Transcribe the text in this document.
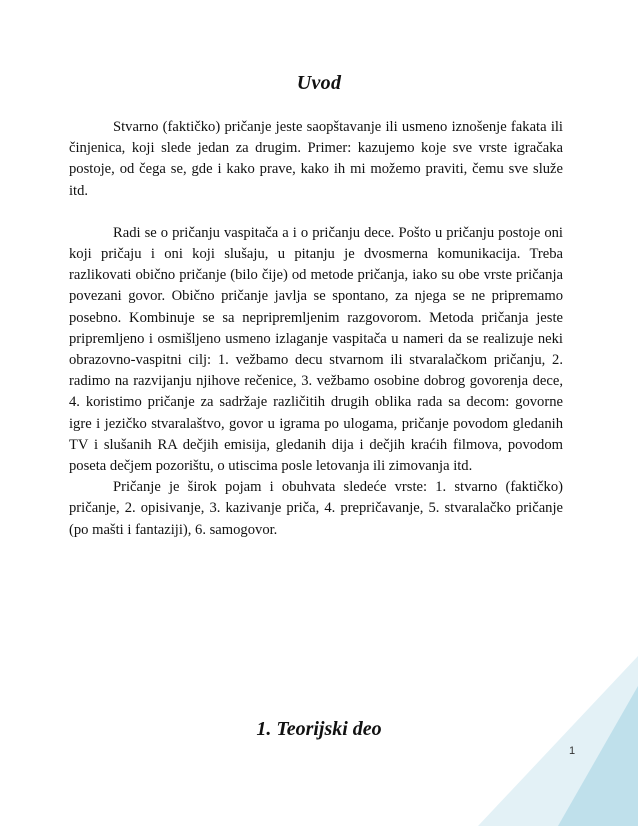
Uvod

Stvarno (faktičko) pričanje jeste saopštavanje ili usmeno iznošenje fakata ili činjenica, koji slede jedan za drugim. Primer: kazujemo koje sve vrste igračaka postoje, od čega se, gde i kako prave, kako ih mi možemo praviti, čemu sve služe itd.

Radi se o pričanju vaspitača a i o pričanju dece. Pošto u pričanju postoje oni koji pričaju i oni koji slušaju, u pitanju je dvosmerna komunikacija. Treba razlikovati obično pričanje (bilo čije) od metode pričanja, iako su obe vrste pričanja povezani govor. Obično pričanje javlja se spontano, za njega se ne pripremamo posebno. Kombinuje se sa nepripremljenim razgovorom. Metoda pričanja jeste pripremljeno i osmišljeno usmeno izlaganje vaspitača u nameri da se realizuje neki obrazovno-vaspitni cilj: 1. vežbamo decu stvarnom ili stvaralačkom pričanju, 2. radimo na razvijanju njihove rečenice, 3. vežbamo osobine dobrog govorenja dece, 4. koristimo pričanje za sadržaje različitih drugih oblika rada sa decom: govorne igre i jezičko stvaralaštvo, govor u igrama po ulogama, pričanje povodom gledanih TV i slušanih RA dečjih emisija, gledanih dija i dečjih kraćih filmova, povodom poseta dečjem pozorištu, o utiscima posle letovanja ili zimovanja itd.

Pričanje je širok pojam i obuhvata sledeće vrste: 1. stvarno (faktičko) pričanje, 2. opisivanje, 3. kazivanje priča, 4. prepričavanje, 5. stvaralačko pričanje (po mašti i fantaziji), 6. samogovor.

1. Teorijski deo
1
